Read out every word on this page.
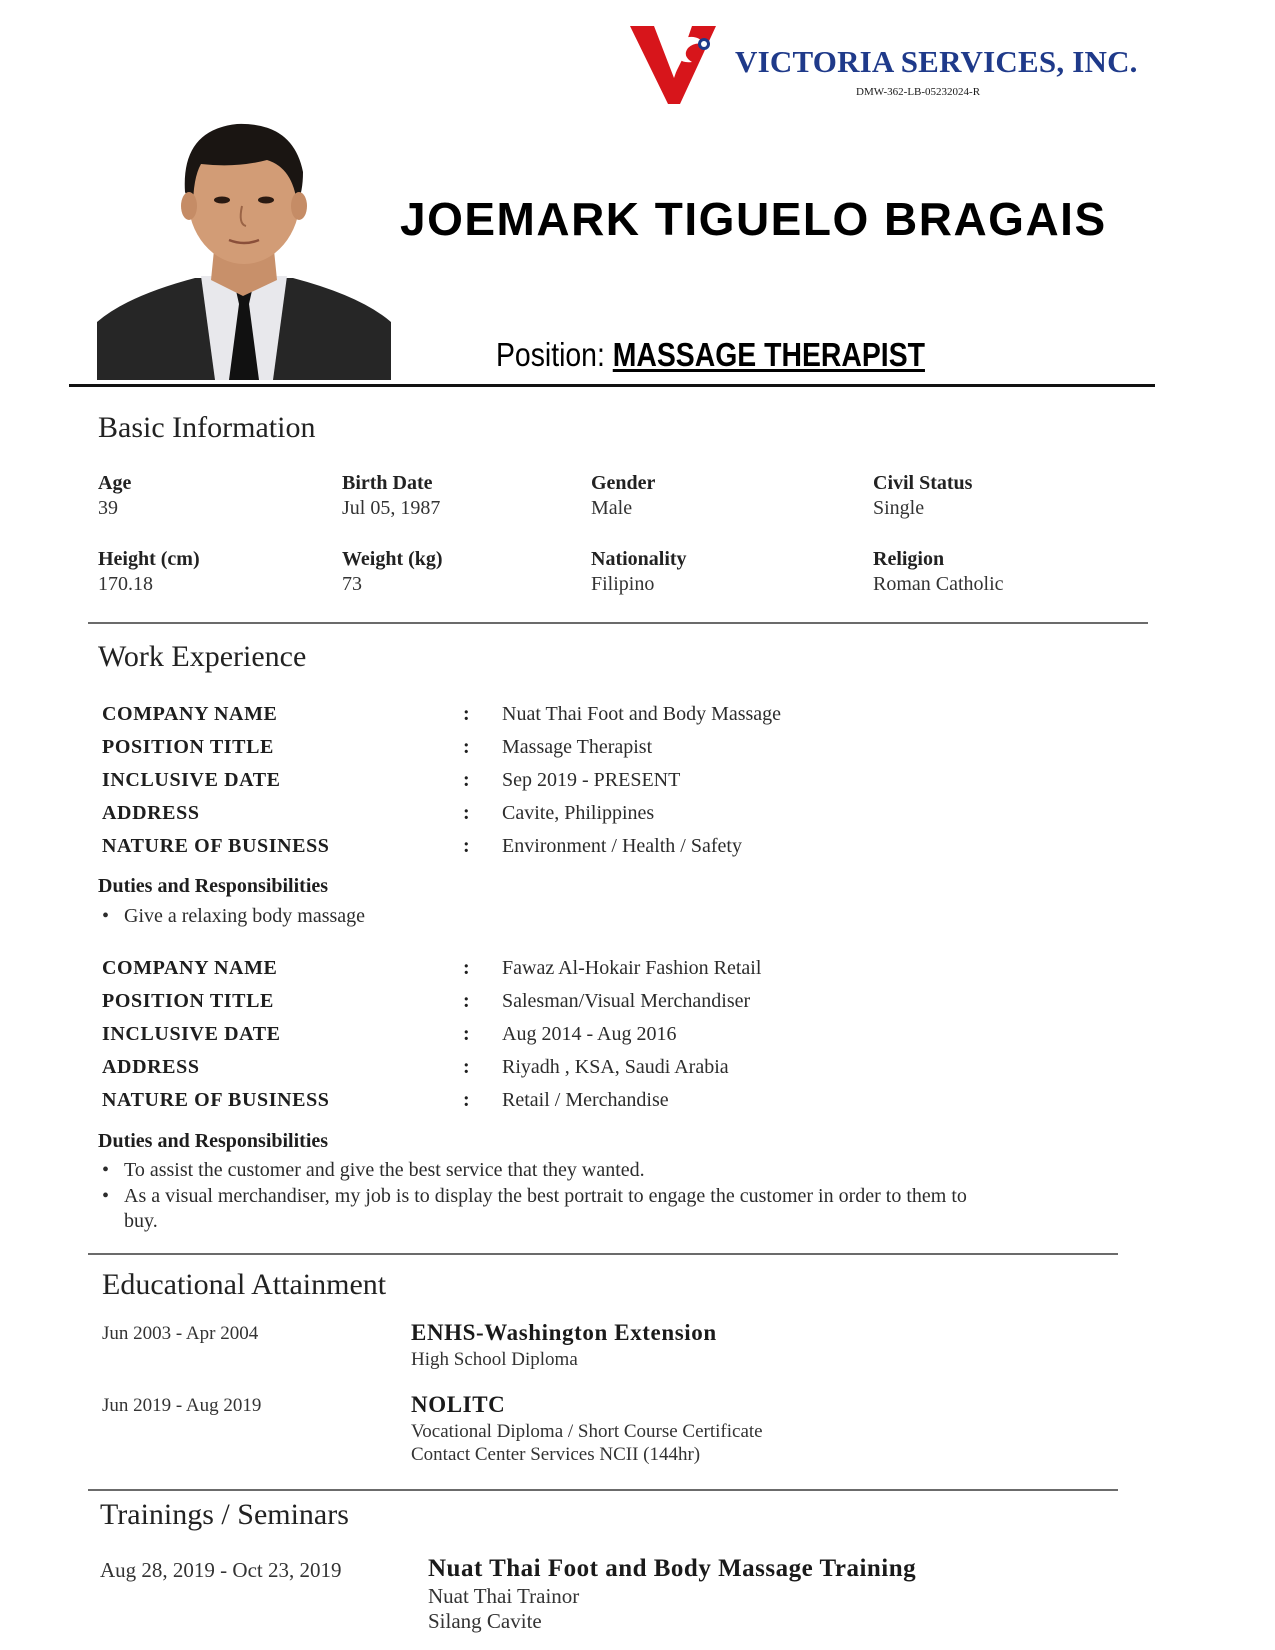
VICTORIA SERVICES, INC.
DMW-362-LB-05232024-R
JOEMARK TIGUELO BRAGAIS
Position: MASSAGE THERAPIST
Basic Information
Age
39
Birth Date
Jul 05, 1987
Gender
Male
Civil Status
Single
Height (cm)
170.18
Weight (kg)
73
Nationality
Filipino
Religion
Roman Catholic
Work Experience
COMPANY NAME	: Nuat Thai Foot and Body Massage
POSITION TITLE	: Massage Therapist
INCLUSIVE DATE	: Sep 2019 - PRESENT
ADDRESS	: Cavite, Philippines
NATURE OF BUSINESS	: Environment / Health / Safety
Duties and Responsibilities
• Give a relaxing body massage
COMPANY NAME	: Fawaz Al-Hokair Fashion Retail
POSITION TITLE	: Salesman/Visual Merchandiser
INCLUSIVE DATE	: Aug 2014 - Aug 2016
ADDRESS	: Riyadh , KSA, Saudi Arabia
NATURE OF BUSINESS	: Retail / Merchandise
Duties and Responsibilities
• To assist the customer and give the best service that they wanted.
• As a visual merchandiser, my job is to display the best portrait to engage the customer in order to them to
buy.
Educational Attainment
Jun 2003 - Apr 2004	ENHS-Washington Extension
High School Diploma
Jun 2019 - Aug 2019	NOLITC
Vocational Diploma / Short Course Certificate
Contact Center Services NCII (144hr)
Trainings / Seminars
Aug 28, 2019 - Oct 23, 2019	Nuat Thai Foot and Body Massage Training
Nuat Thai Trainor
Silang Cavite
